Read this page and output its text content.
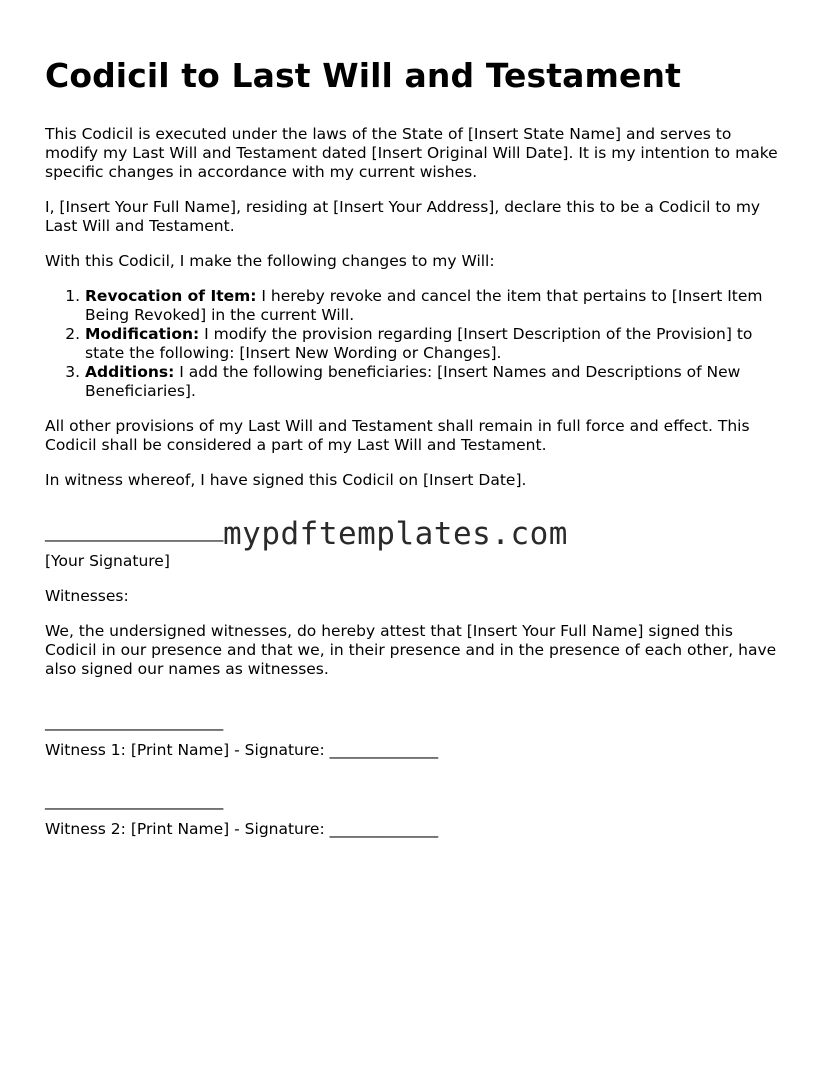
Codicil to Last Will and Testament

This Codicil is executed under the laws of the State of [Insert State Name] and serves to modify my Last Will and Testament dated [Insert Original Will Date]. It is my intention to make specific changes in accordance with my current wishes.

I, [Insert Your Full Name], residing at [Insert Your Address], declare this to be a Codicil to my Last Will and Testament.

With this Codicil, I make the following changes to my Will:

1. Revocation of Item: I hereby revoke and cancel the item that pertains to [Insert Item Being Revoked] in the current Will.
2. Modification: I modify the provision regarding [Insert Description of the Provision] to state the following: [Insert New Wording or Changes].
3. Additions: I add the following beneficiaries: [Insert Names and Descriptions of New Beneficiaries].

All other provisions of my Last Will and Testament shall remain in full force and effect. This Codicil shall be considered a part of my Last Will and Testament.

In witness whereof, I have signed this Codicil on [Insert Date].

_______________________
[Your Signature]

Witnesses:

We, the undersigned witnesses, do hereby attest that [Insert Your Full Name] signed this Codicil in our presence and that we, in their presence and in the presence of each other, have also signed our names as witnesses.

_______________________
Witness 1: [Print Name] - Signature: ______________
_______________________
Witness 2: [Print Name] - Signature: ______________
mypdftemplates.com
